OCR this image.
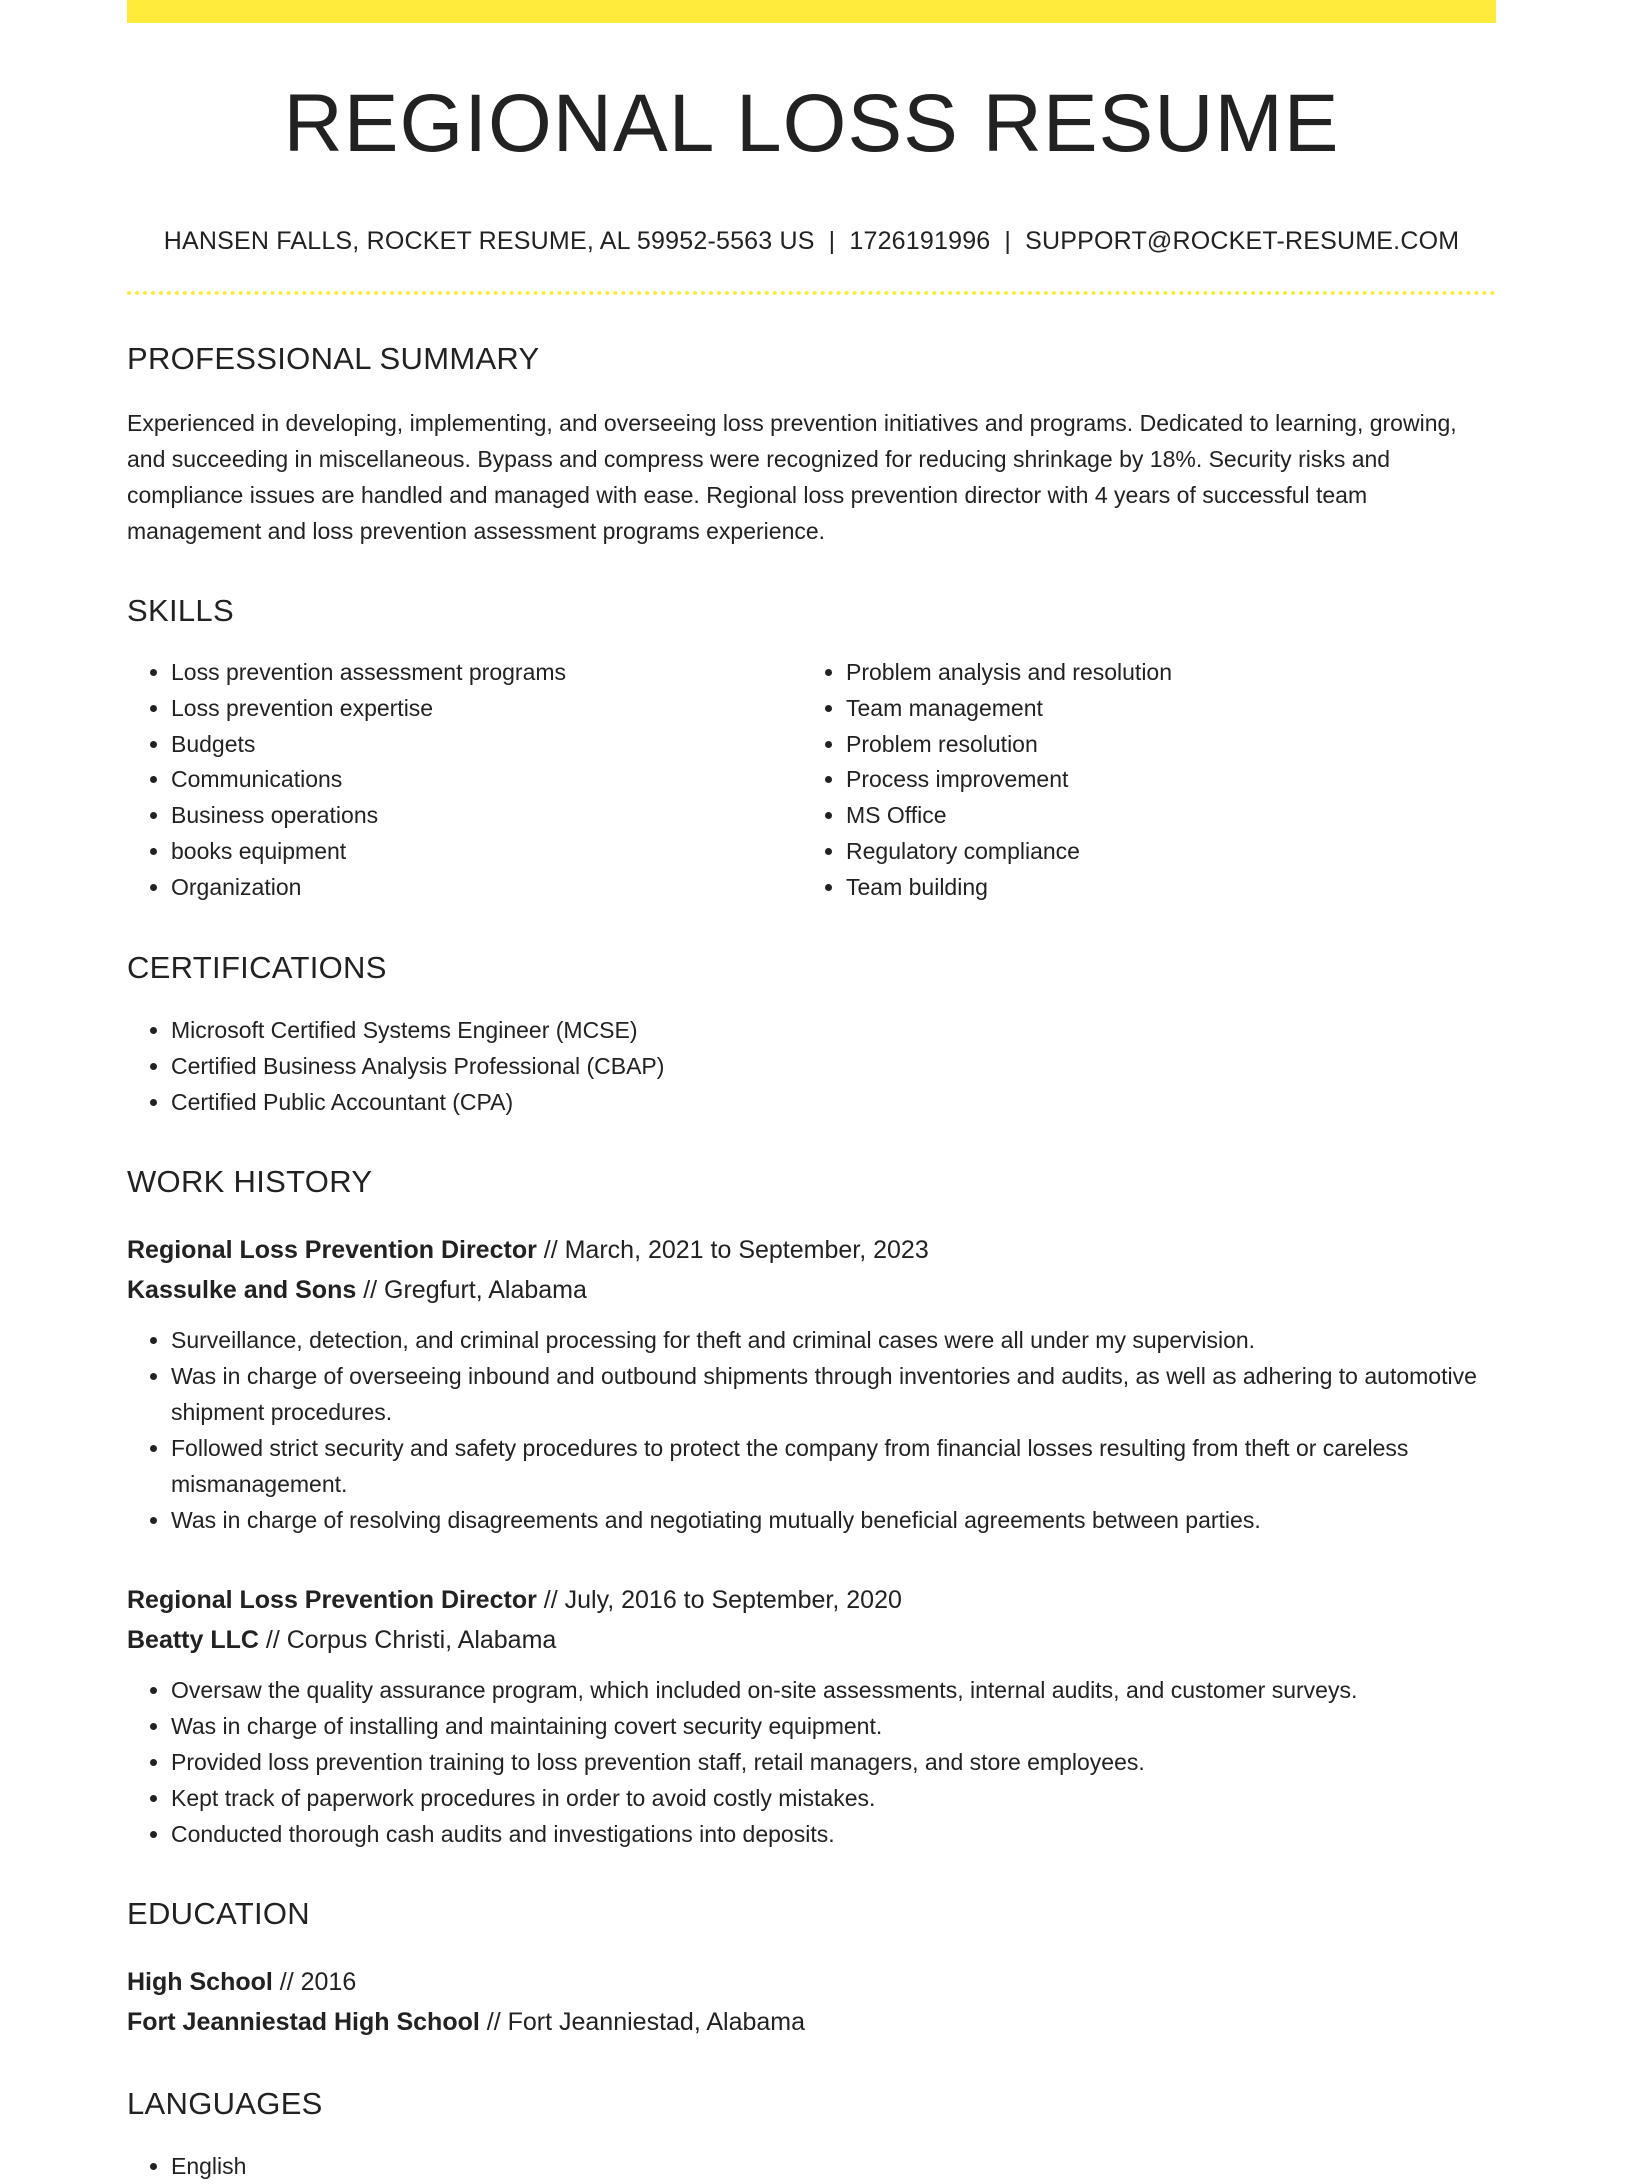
REGIONAL LOSS RESUME
HANSEN FALLS, ROCKET RESUME, AL 59952-5563 US | 1726191996 | SUPPORT@ROCKET-RESUME.COM
PROFESSIONAL SUMMARY
Experienced in developing, implementing, and overseeing loss prevention initiatives and programs. Dedicated to learning, growing, and succeeding in miscellaneous. Bypass and compress were recognized for reducing shrinkage by 18%. Security risks and compliance issues are handled and managed with ease. Regional loss prevention director with 4 years of successful team management and loss prevention assessment programs experience.
SKILLS
• Loss prevention assessment programs
• Loss prevention expertise
• Budgets
• Communications
• Business operations
• books equipment
• Organization
• Problem analysis and resolution
• Team management
• Problem resolution
• Process improvement
• MS Office
• Regulatory compliance
• Team building
CERTIFICATIONS
• Microsoft Certified Systems Engineer (MCSE)
• Certified Business Analysis Professional (CBAP)
• Certified Public Accountant (CPA)
WORK HISTORY
Regional Loss Prevention Director // March, 2021 to September, 2023
Kassulke and Sons // Gregfurt, Alabama
• Surveillance, detection, and criminal processing for theft and criminal cases were all under my supervision.
• Was in charge of overseeing inbound and outbound shipments through inventories and audits, as well as adhering to automotive shipment procedures.
• Followed strict security and safety procedures to protect the company from financial losses resulting from theft or careless mismanagement.
• Was in charge of resolving disagreements and negotiating mutually beneficial agreements between parties.
Regional Loss Prevention Director // July, 2016 to September, 2020
Beatty LLC // Corpus Christi, Alabama
• Oversaw the quality assurance program, which included on-site assessments, internal audits, and customer surveys.
• Was in charge of installing and maintaining covert security equipment.
• Provided loss prevention training to loss prevention staff, retail managers, and store employees.
• Kept track of paperwork procedures in order to avoid costly mistakes.
• Conducted thorough cash audits and investigations into deposits.
EDUCATION
High School // 2016
Fort Jeanniestad High School // Fort Jeanniestad, Alabama
LANGUAGES
• English
